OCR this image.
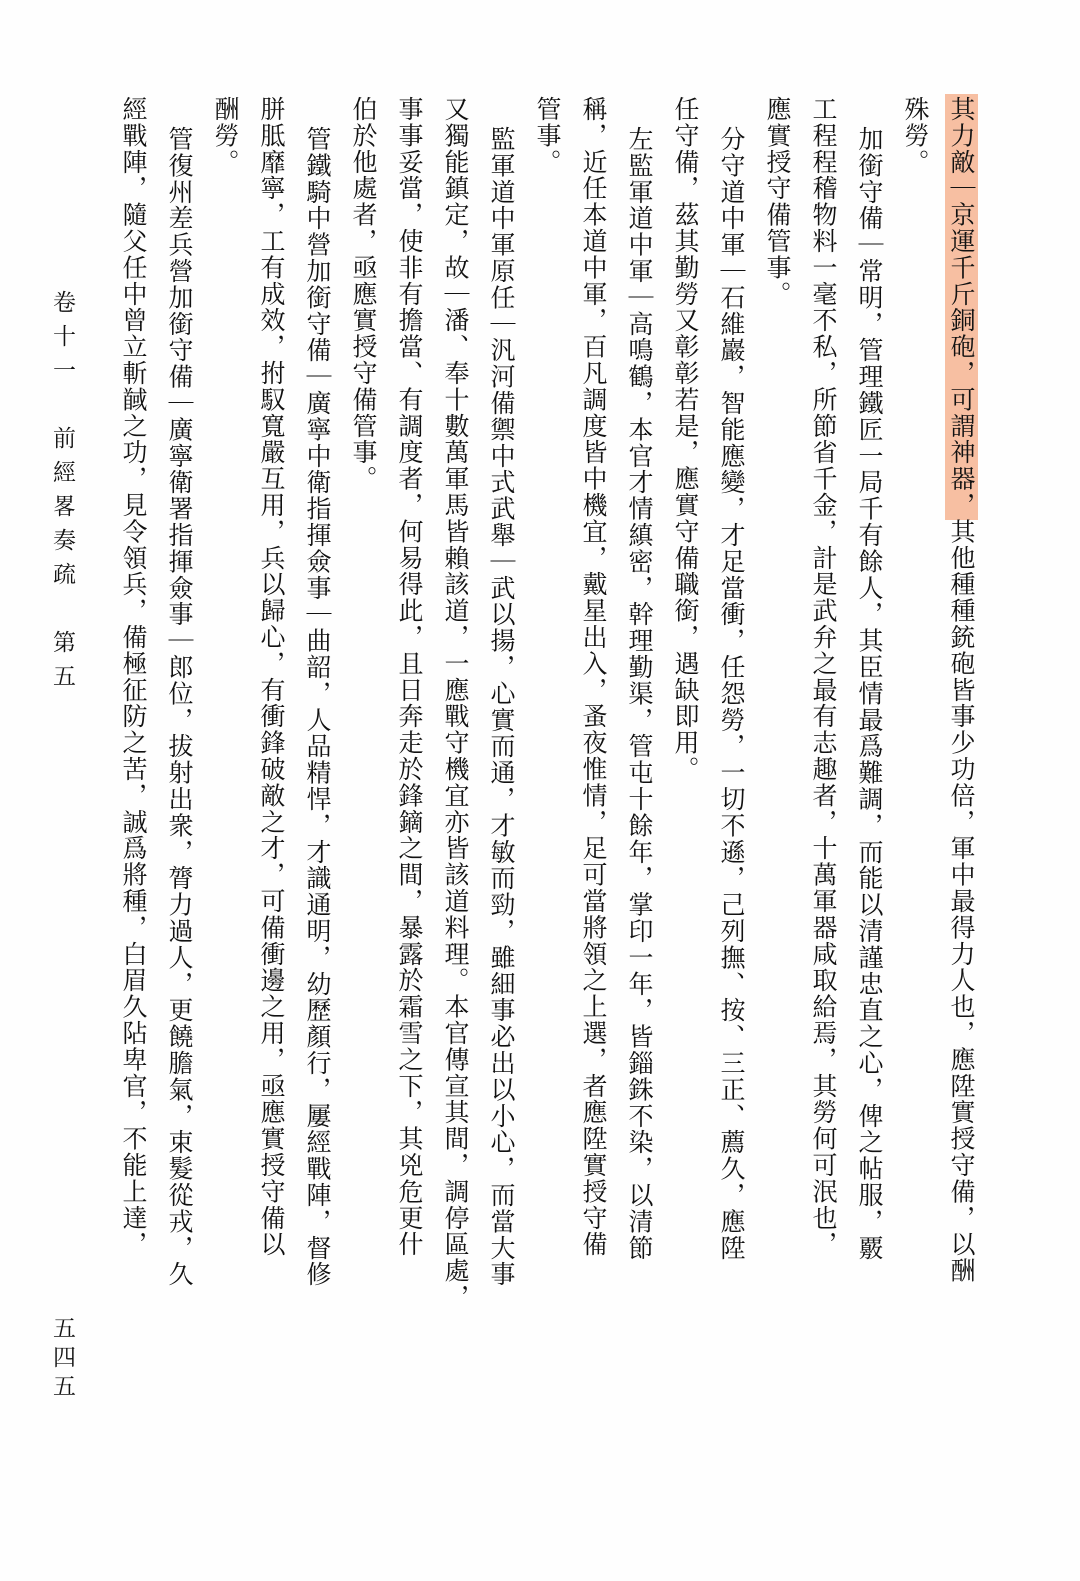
其力敵｜京運千斤銅砲，可謂神器，其他種種銃砲皆事少功倍，軍中最得力人也，應陞實授守備，以酬
殊勞。
加銜守備｜常明，管理鐵匠一局千有餘人，其臣情最爲難調，而能以清謹忠直之心，俾之帖服，覈
工程程稽物料一毫不私，所節省千金，計是武弁之最有志趣者，十萬軍器咸取給焉，其勞何可泯也，
應實授守備管事。
分守道中軍｜石維巖，智能應變，才足當衝，任怨勞，一切不遜，己列撫、按、三正、薦久，應陞
任守備，茲其勤勞又彰彰若是，應實守備職銜，遇缺即用。
左監軍道中軍｜高鳴鶴，本官才情縝密，幹理勤渠，管屯十餘年，掌印一年，皆錙銖不染，以清節
稱，近任本道中軍，百凡調度皆中機宜，戴星出入，蚤夜惟情，足可當將領之上選，者應陞實授守備
管事。
監軍道中軍原任｜汎河備禦中式武舉｜武以揚，心實而通，才敏而勁，雖細事必出以小心，而當大事
又獨能鎮定，故｜潘、奉十數萬軍馬皆賴該道，一應戰守機宜亦皆該道料理。本官傳宣其間，調停區處，
事事妥當，使非有擔當、有調度者，何易得此，且日奔走於鋒鏑之間，暴露於霜雪之下，其兇危更什
伯於他處者，亟應實授守備管事。
管鐵騎中營加銜守備｜廣寧中衛指揮僉事｜曲韶，人品精悍，才識通明，幼歷顏行，屢經戰陣，督修
胼胝靡寧，工有成效，拊馭寬嚴互用，兵以歸心，有衝鋒破敵之才，可備衝邊之用，亟應實授守備以
酬勞。
管復州差兵營加銜守備｜廣寧衛署指揮僉事｜郎位，拔射出衆，膂力過人，更饒膽氣，束髮從戎，久
經戰陣，隨父任中曾立斬馘之功，見令領兵，備極征防之苦，誠爲將種，白眉久阽卑官，不能上達，
卷十一　前經畧奏疏　第五
五四五
